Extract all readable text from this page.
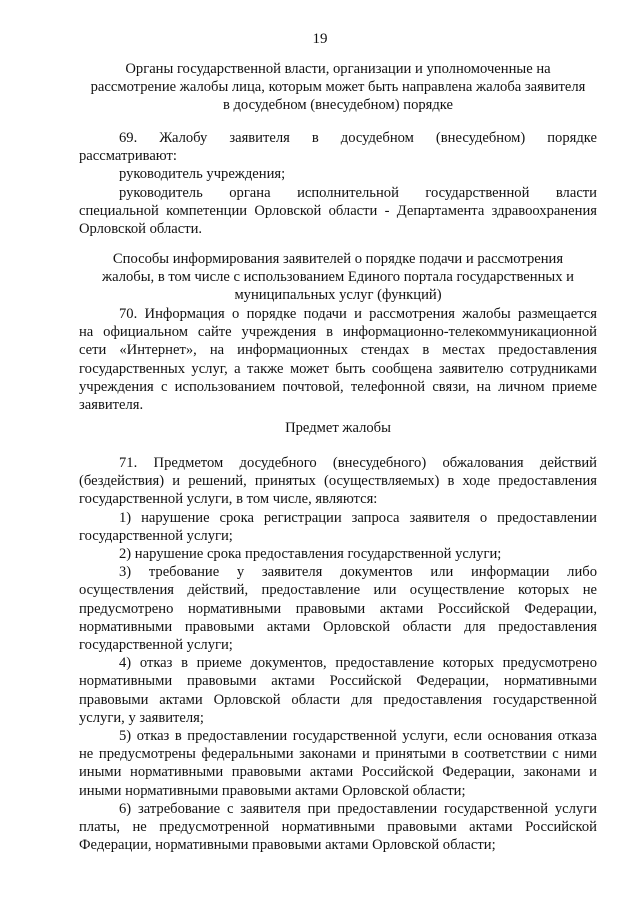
19

Органы государственной власти, организации и уполномоченные на

рассмотрение жалобы лица, которым может быть направлена жалоба заявителя

в досудебном (внесудебном) порядке

69. Жалобу заявителя в досудебном (внесудебном) порядке

рассматривают:

руководитель учреждения;

руководитель органа исполнительной государственной власти

специальной компетенции Орловской области - Департамента здравоохранения

Орловской области.

Способы информирования заявителей о порядке подачи и рассмотрения

жалобы, в том числе с использованием Единого портала государственных и

муниципальных услуг (функций)

70. Информация о порядке подачи и рассмотрения жалобы размещается

на официальном сайте учреждения в информационно-телекоммуникационной

сети «Интернет», на информационных стендах в местах предоставления

государственных услуг, а также может быть сообщена заявителю сотрудниками

учреждения с использованием почтовой, телефонной связи, на личном приеме

заявителя.

Предмет жалобы

71. Предметом досудебного (внесудебного) обжалования действий

(бездействия) и решений, принятых (осуществляемых) в ходе предоставления

государственной услуги, в том числе, являются:

1) нарушение срока регистрации запроса заявителя о предоставлении

государственной услуги;

2) нарушение срока предоставления государственной услуги;

3) требование у заявителя документов или информации либо

осуществления действий, предоставление или осуществление которых не

предусмотрено нормативными правовыми актами Российской Федерации,

нормативными правовыми актами Орловской области для предоставления

государственной услуги;

4) отказ в приеме документов, предоставление которых предусмотрено

нормативными правовыми актами Российской Федерации, нормативными

правовыми актами Орловской области для предоставления государственной

услуги, у заявителя;

5) отказ в предоставлении государственной услуги, если основания отказа

не предусмотрены федеральными законами и принятыми в соответствии с ними

иными нормативными правовыми актами Российской Федерации, законами и

иными нормативными правовыми актами Орловской области;

6) затребование с заявителя при предоставлении государственной услуги

платы, не предусмотренной нормативными правовыми актами Российской

Федерации, нормативными правовыми актами Орловской области;
